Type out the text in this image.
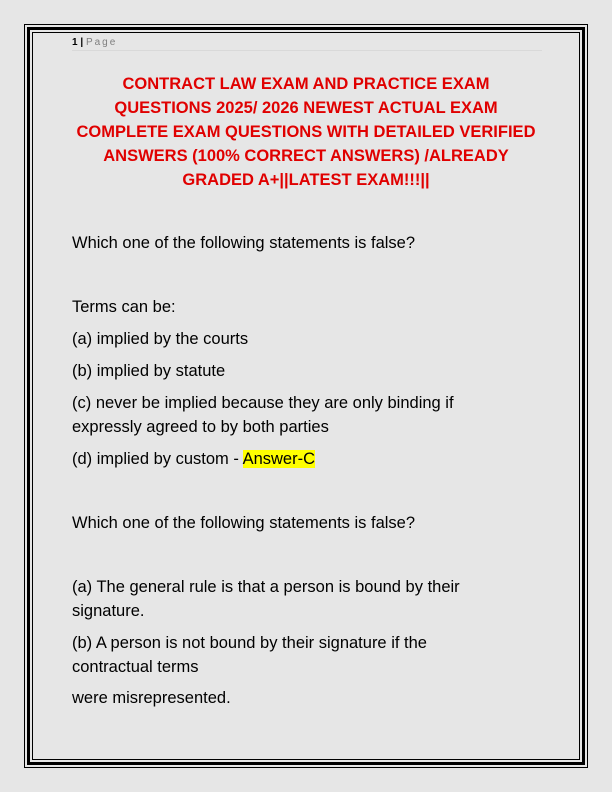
1 | Page
CONTRACT LAW EXAM AND PRACTICE EXAM QUESTIONS 2025/ 2026 NEWEST ACTUAL EXAM COMPLETE EXAM QUESTIONS WITH DETAILED VERIFIED ANSWERS (100% CORRECT ANSWERS) /ALREADY GRADED A+||LATEST EXAM!!!||
Which one of the following statements is false?
Terms can be:
(a) implied by the courts
(b) implied by statute
(c) never be implied because they are only binding if expressly agreed to by both parties
(d) implied by custom - Answer-C
Which one of the following statements is false?
(a) The general rule is that a person is bound by their signature.
(b) A person is not bound by their signature if the contractual terms
were misrepresented.
